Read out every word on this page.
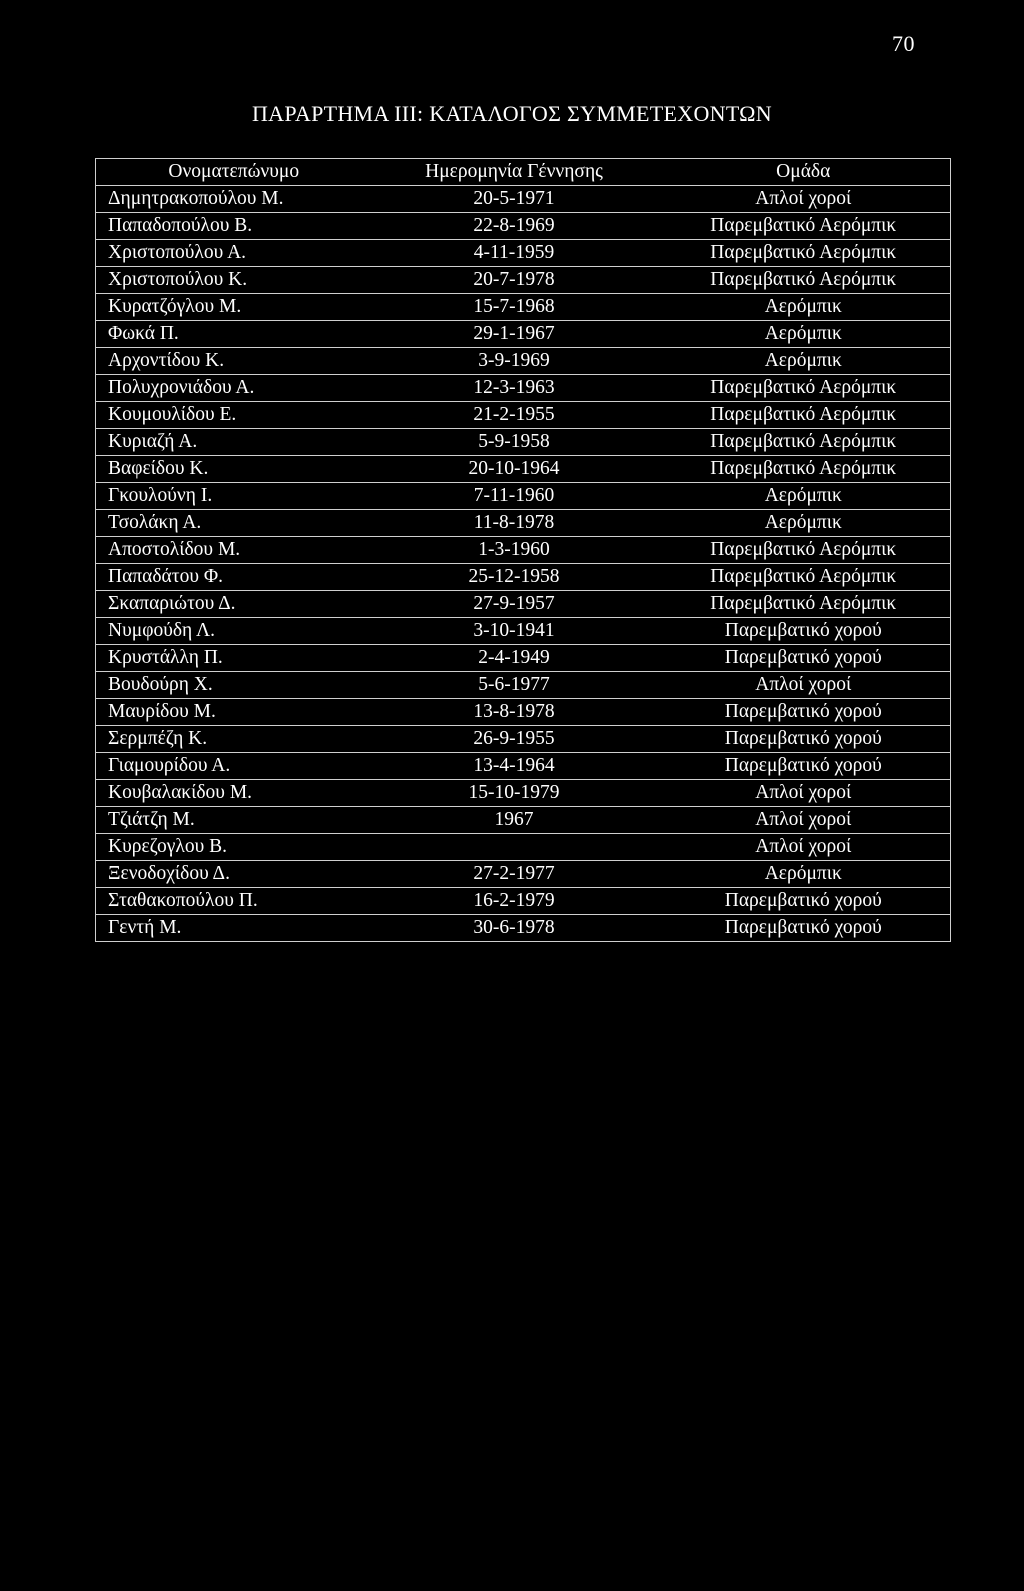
70
ΠΑΡΑΡΤΗΜΑ ΙΙΙ: ΚΑΤΑΛΟΓΟΣ ΣΥΜΜΕΤΕΧΟΝΤΩΝ
Ονοματεπώνυμο	Ημερομηνία Γέννησης	Ομάδα
Δημητρακοπούλου Μ.	20-5-1971	Απλοί χοροί
Παπαδοπούλου Β.	22-8-1969	Παρεμβατικό Αερόμπικ
Χριστοπούλου Α.	4-11-1959	Παρεμβατικό Αερόμπικ
Χριστοπούλου Κ.	20-7-1978	Παρεμβατικό Αερόμπικ
Κυρατζόγλου Μ.	15-7-1968	Αερόμπικ
Φωκά Π.	29-1-1967	Αερόμπικ
Αρχοντίδου Κ.	3-9-1969	Αερόμπικ
Πολυχρονιάδου Α.	12-3-1963	Παρεμβατικό Αερόμπικ
Κουμουλίδου Ε.	21-2-1955	Παρεμβατικό Αερόμπικ
Κυριαζή Α.	5-9-1958	Παρεμβατικό Αερόμπικ
Βαφείδου Κ.	20-10-1964	Παρεμβατικό Αερόμπικ
Γκουλούνη Ι.	7-11-1960	Αερόμπικ
Τσολάκη Α.	11-8-1978	Αερόμπικ
Αποστολίδου Μ.	1-3-1960	Παρεμβατικό Αερόμπικ
Παπαδάτου Φ.	25-12-1958	Παρεμβατικό Αερόμπικ
Σκαπαριώτου Δ.	27-9-1957	Παρεμβατικό Αερόμπικ
Νυμφούδη Λ.	3-10-1941	Παρεμβατικό χορού
Κρυστάλλη Π.	2-4-1949	Παρεμβατικό χορού
Βουδούρη Χ.	5-6-1977	Απλοί χοροί
Μαυρίδου Μ.	13-8-1978	Παρεμβατικό χορού
Σερμπέζη Κ.	26-9-1955	Παρεμβατικό χορού
Γιαμουρίδου Α.	13-4-1964	Παρεμβατικό χορού
Κουβαλακίδου Μ.	15-10-1979	Απλοί χοροί
Τζιάτζη Μ.	1967	Απλοί χοροί
Κυρεζογλου Β.		Απλοί χοροί
Ξενοδοχίδου Δ.	27-2-1977	Αερόμπικ
Σταθακοπούλου Π.	16-2-1979	Παρεμβατικό χορού
Γεντή Μ.	30-6-1978	Παρεμβατικό χορού
